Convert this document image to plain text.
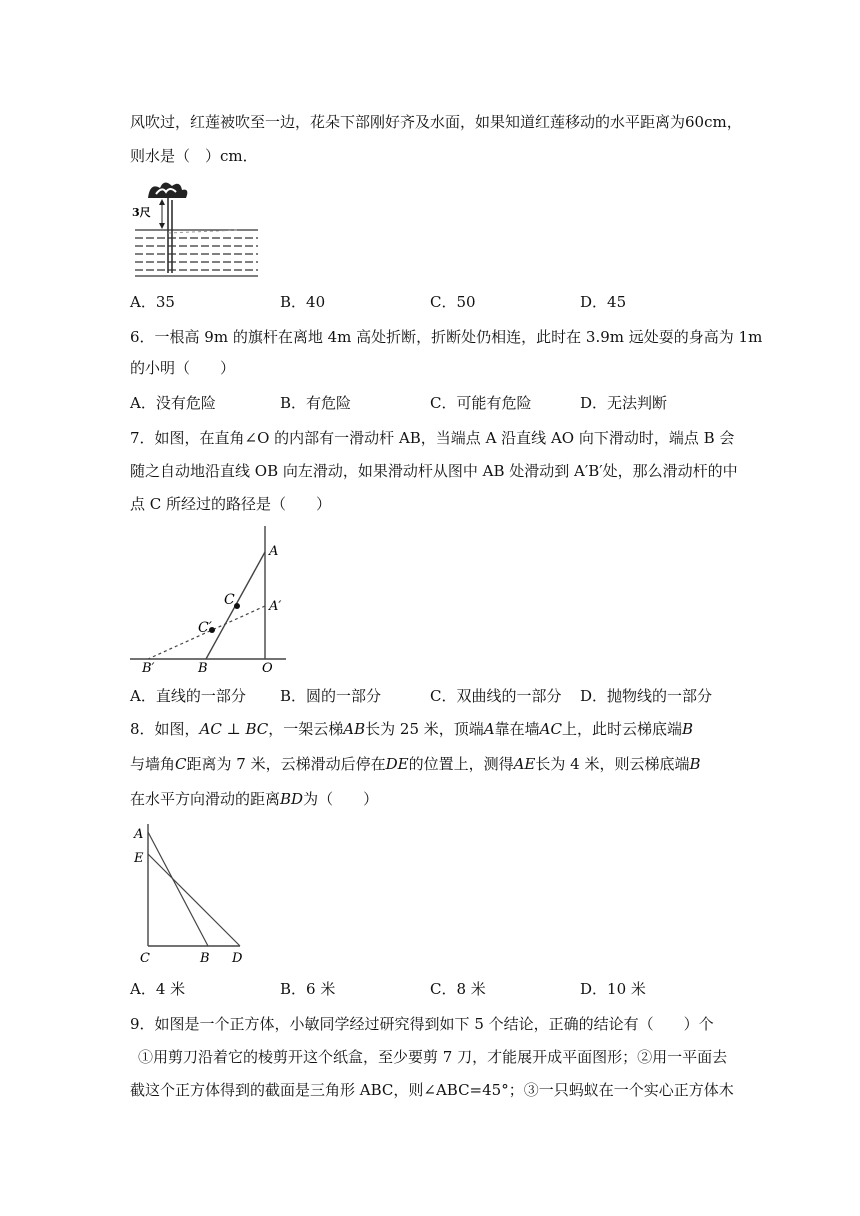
风吹过，红莲被吹至一边，花朵下部刚好齐及水面，如果知道红莲移动的水平距离为60cm，
则水是（　）cm．
3尺
A．35	B．40	C．50	D．45
6．一根高 9m 的旗杆在离地 4m 高处折断，折断处仍相连，此时在 3.9m 远处耍的身高为 1m
的小明（　　）
A．没有危险	B．有危险	C．可能有危险	D．无法判断
7．如图，在直角∠O 的内部有一滑动杆 AB，当端点 A 沿直线 AO 向下滑动时，端点 B 会
随之自动地沿直线 OB 向左滑动，如果滑动杆从图中 AB 处滑动到 A′B′处，那么滑动杆的中
点 C 所经过的路径是（　　）
A
A′
C
C′
B′	B	O
A．直线的一部分 B．圆的一部分	C．双曲线的一部分 D．抛物线的一部分
8．如图，AC ⊥ BC，一架云梯AB长为 25 米，顶端A靠在墙AC上，此时云梯底端B
与墙角C距离为 7 米，云梯滑动后停在DE的位置上，测得AE长为 4 米，则云梯底端B
在水平方向滑动的距离BD为（　　）
A
E
C	B D
A．4 米	B．6 米	C．8 米	D．10 米
9．如图是一个正方体，小敏同学经过研究得到如下 5 个结论，正确的结论有（　　）个
①用剪刀沿着它的棱剪开这个纸盒，至少要剪 7 刀，才能展开成平面图形；②用一平面去
截这个正方体得到的截面是三角形 ABC，则∠ABC=45°；③一只蚂蚁在一个实心正方体木
